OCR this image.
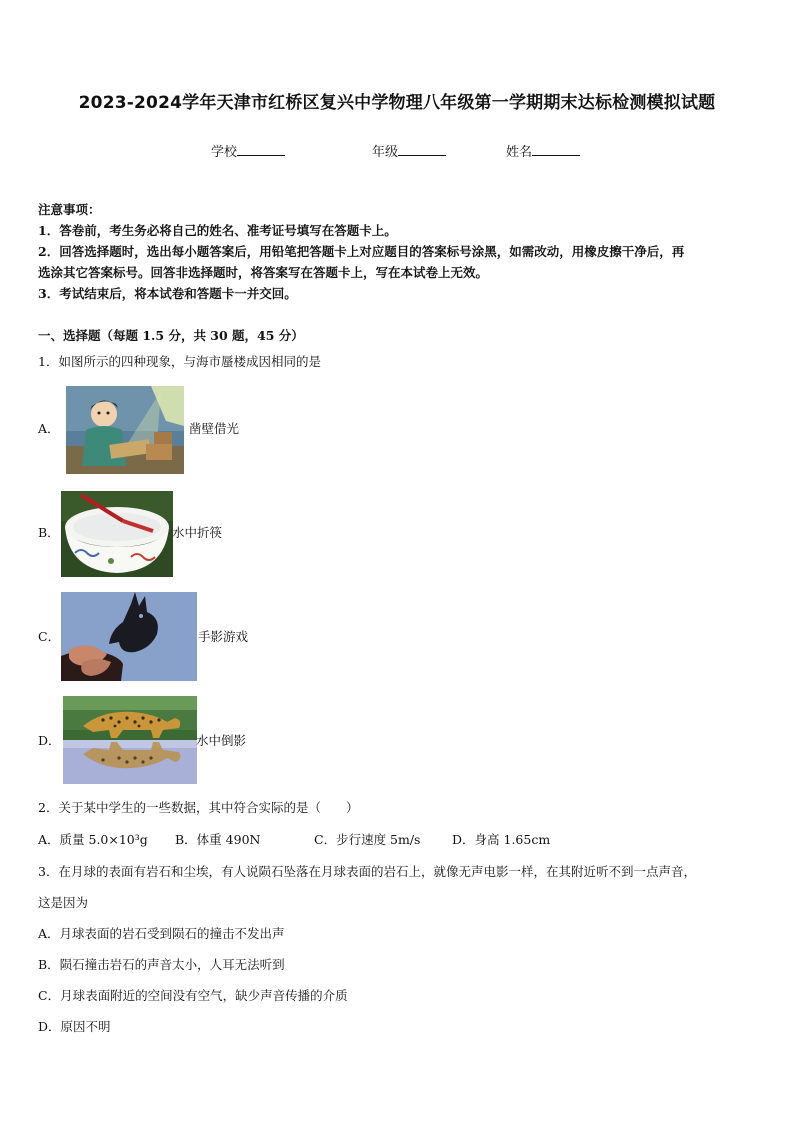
2023-2024学年天津市红桥区复兴中学物理八年级第一学期期末达标检测模拟试题
学校	年级	姓名
注意事项：
1．答卷前，考生务必将自己的姓名、准考证号填写在答题卡上。
2．回答选择题时，选出每小题答案后，用铅笔把答题卡上对应题目的答案标号涂黑，如需改动，用橡皮擦干净后，再
选涂其它答案标号。回答非选择题时，将答案写在答题卡上，写在本试卷上无效。
3．考试结束后，将本试卷和答题卡一并交回。
一、选择题（每题 1.5 分，共 30 题，45 分）
1．如图所示的四种现象，与海市蜃楼成因相同的是
A．	凿壁借光
B．	水中折筷
C．	手影游戏
D．	水中倒影
2．关于某中学生的一些数据，其中符合实际的是（　　）
A．质量 5.0×10³g B．体重 490N	C．步行速度 5m/s	D．身高 1.65cm
3．在月球的表面有岩石和尘埃，有人说陨石坠落在月球表面的岩石上，就像无声电影一样，在其附近听不到一点声音，
这是因为
A．月球表面的岩石受到陨石的撞击不发出声
B．陨石撞击岩石的声音太小，人耳无法听到
C．月球表面附近的空间没有空气，缺少声音传播的介质
D．原因不明
